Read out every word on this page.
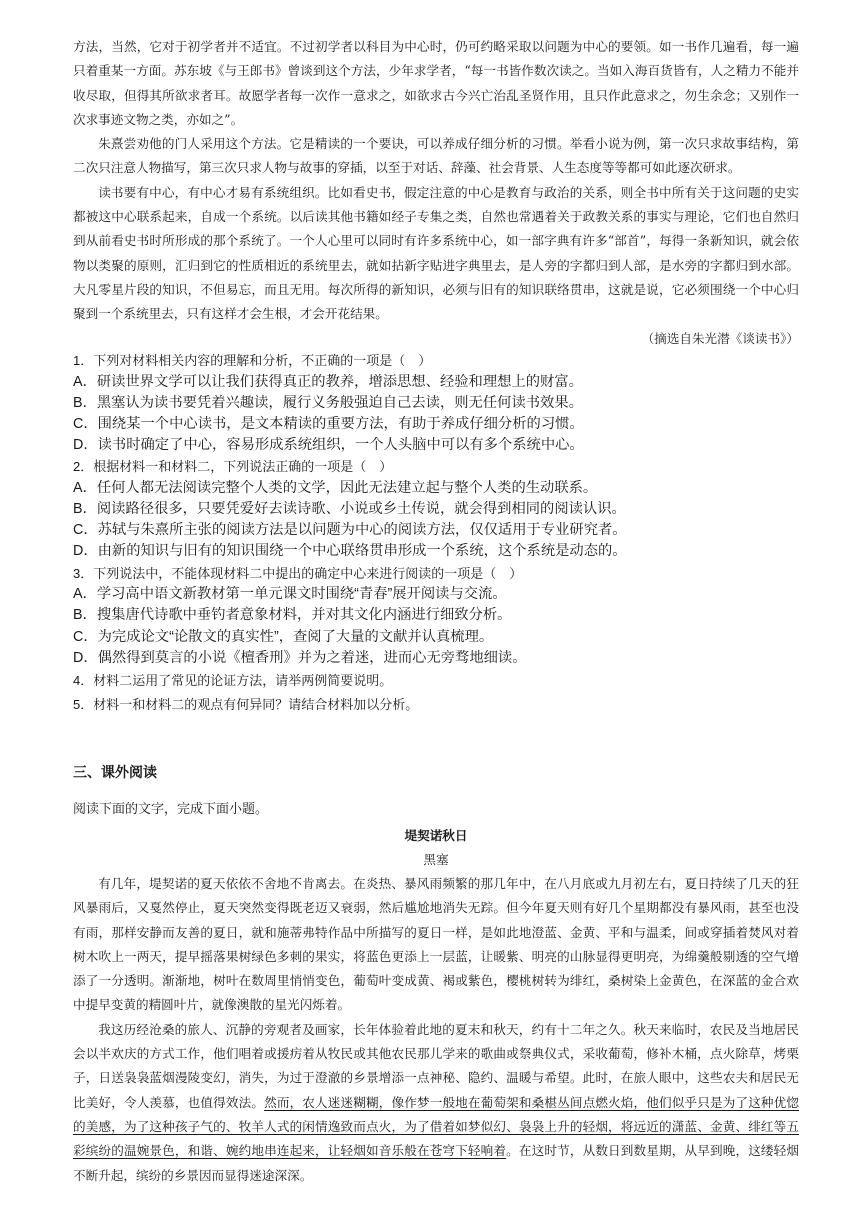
方法，当然，它对于初学者并不适宜。不过初学者以科目为中心时，仍可约略采取以问题为中心的要领。如一书作几遍看，每一遍只着重某一方面。苏东坡《与王郎书》曾谈到这个方法，少年求学者，“每一书皆作数次读之。当如入海百货皆有，人之精力不能并收尽取，但得其所欲求者耳。故愿学者每一次作一意求之，如欲求古今兴亡治乱圣贤作用，且只作此意求之，勿生余念；又别作一次求事迹文物之类，亦如之”。

朱熹尝劝他的门人采用这个方法。它是精读的一个要诀，可以养成仔细分析的习惯。举看小说为例，第一次只求故事结构，第二次只注意人物描写，第三次只求人物与故事的穿插，以至于对话、辞藻、社会背景、人生态度等等都可如此逐次研求。

读书要有中心，有中心才易有系统组织。比如看史书，假定注意的中心是教育与政治的关系，则全书中所有关于这问题的史实都被这中心联系起来，自成一个系统。以后读其他书籍如经子专集之类，自然也常遇着关于政教关系的事实与理论，它们也自然归到从前看史书时所形成的那个系统了。一个人心里可以同时有许多系统中心，如一部字典有许多“部首”，每得一条新知识，就会依物以类聚的原则，汇归到它的性质相近的系统里去，就如拈新字贴进字典里去，是人旁的字都归到人部，是水旁的字都归到水部。大凡零星片段的知识，不但易忘，而且无用。每次所得的新知识，必须与旧有的知识联络贯串，这就是说，它必须围绕一个中心归聚到一个系统里去，只有这样才会生根，才会开花结果。

（摘选自朱光潜《谈读书》）

1．下列对材料相关内容的理解和分析，不正确的一项是（　）

A．研读世界文学可以让我们获得真正的教养，增添思想、经验和理想上的财富。

B．黑塞认为读书要凭着兴趣读，履行义务般强迫自己去读，则无任何读书效果。

C．围绕某一个中心读书，是文本精读的重要方法，有助于养成仔细分析的习惯。

D．读书时确定了中心，容易形成系统组织，一个人头脑中可以有多个系统中心。

2．根据材料一和材料二，下列说法正确的一项是（　）

A．任何人都无法阅读完整个人类的文学，因此无法建立起与整个人类的生动联系。

B．阅读路径很多，只要凭爱好去读诗歌、小说或乡土传说，就会得到相同的阅读认识。

C．苏轼与朱熹所主张的阅读方法是以问题为中心的阅读方法，仅仅适用于专业研究者。

D．由新的知识与旧有的知识围绕一个中心联络贯串形成一个系统，这个系统是动态的。

3．下列说法中，不能体现材料二中提出的确定中心来进行阅读的一项是（　）

A．学习高中语文新教材第一单元课文时围绕“青春”展开阅读与交流。

B．搜集唐代诗歌中垂钓者意象材料，并对其文化内涵进行细致分析。

C．为完成论文“论散文的真实性”，查阅了大量的文献并认真梳理。

D．偶然得到莫言的小说《檀香刑》并为之着迷，进而心无旁骛地细读。

4．材料二运用了常见的论证方法，请举两例简要说明。

5．材料一和材料二的观点有何异同？请结合材料加以分析。

三、课外阅读
阅读下面的文字，完成下面小题。
堤契诺秋日
黑塞

有几年，堤契诺的夏天依依不舍地不肯离去。在炎热、暴风雨频繁的那几年中，在八月底或九月初左右，夏日持续了几天的狂风暴雨后，又戛然停止，夏天突然变得既老迈又衰弱，然后尴尬地消失无踪。但今年夏天则有好几个星期都没有暴风雨，甚至也没有雨，那样安静而友善的夏日，就和施蒂弗特作品中所描写的夏日一样，是如此地澄蓝、金黄、平和与温柔，间或穿插着焚风对着树木吹上一两天，提早摇落果树绿色多刺的果实，将蓝色更添上一层蓝，让暖紫、明亮的山脉显得更明亮，为绵羹般剔透的空气增添了一分透明。渐渐地，树叶在数周里悄悄变色，葡萄叶变成黄、褐或紫色，樱桃树转为绯红，桑树染上金黄色，在深蓝的金合欢中提早变黄的精圆叶片，就像澳散的星光闪烁着。

我这历经沧桑的旅人、沉静的旁观者及画家，长年体验着此地的夏末和秋天，约有十二年之久。秋天来临时，农民及当地居民会以半欢庆的方式工作，他们唱着或援疠着从牧民或其他农民那儿学来的歌曲或祭典仪式，采收葡萄，修补木桶，点火除草，烤栗子，日送袅袅蓝烟漫陵变幻，消失，为过于澄澈的乡景增添一点神秘、隐约、温暖与希望。此时，在旅人眼中，这些农夫和居民无比美好，令人羡慕，也值得效法。然而，农人迷迷糊糊，像作梦一般地在葡萄架和桑椹丛间点燃火焰，他们似乎只是为了这种优惚的美感，为了这种孩子气的、牧羊人式的闲情逸致而点火，为了借着如梦似幻、袅袅上升的轻烟，将远近的潇蓝、金黄、绯红等五彩缤纷的温婉景色，和谐、婉约地串连起来，让轻烟如音乐般在苍穹下轻响着。在这时节，从数日到数星期，从早到晚，这缕轻烟不断升起，缤纷的乡景因而显得迷途深深。
